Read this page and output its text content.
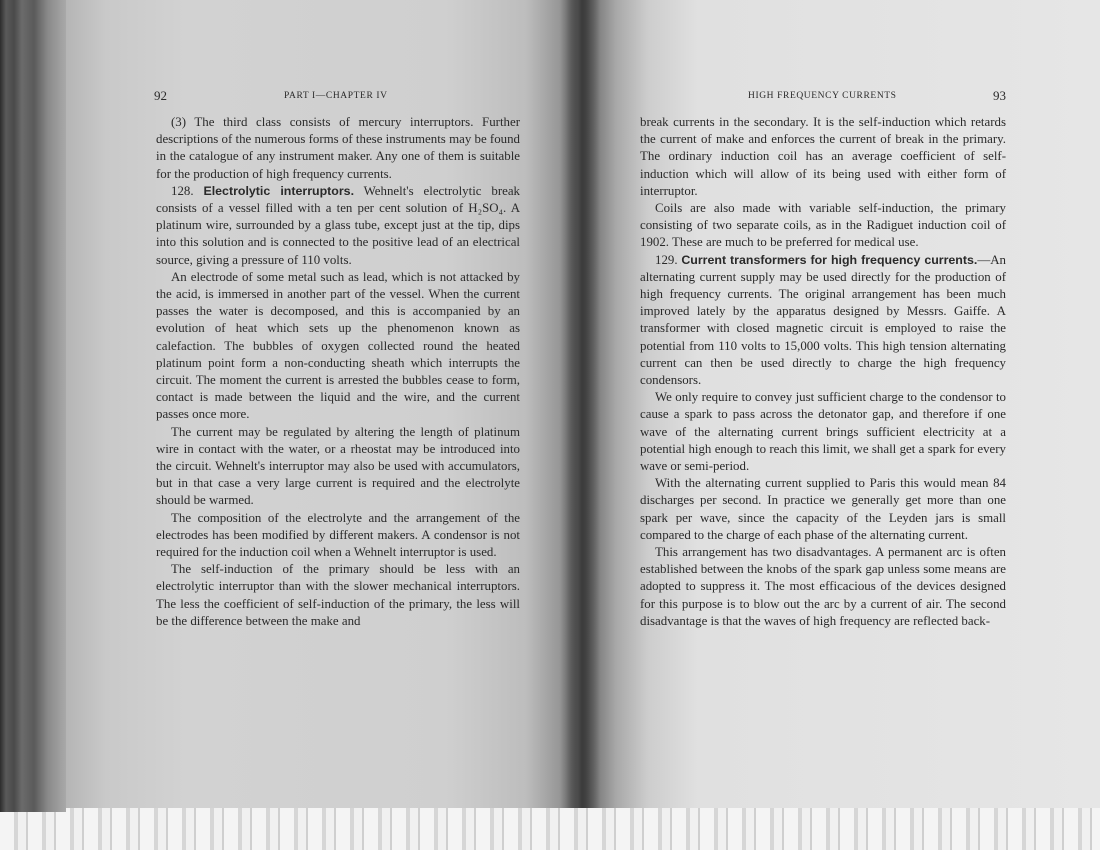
92	PART I—CHAPTER IV

(3) The third class consists of mercury interruptors. Further descriptions of the numerous forms of these instruments may be found in the catalogue of any instrument maker. Any one of them is suitable for the production of high frequency currents.

128. Electrolytic interruptors. Wehnelt's electrolytic break consists of a vessel filled with a ten per cent solution of H₂SO₄. A platinum wire, surrounded by a glass tube, except just at the tip, dips into this solution and is connected to the positive lead of an electrical source, giving a pressure of 110 volts.

An electrode of some metal such as lead, which is not attacked by the acid, is immersed in another part of the vessel. When the current passes the water is decomposed, and this is accompanied by an evolution of heat which sets up the phenomenon known as calefaction. The bubbles of oxygen collected round the heated platinum point form a non-conducting sheath which interrupts the circuit. The moment the current is arrested the bubbles cease to form, contact is made between the liquid and the wire, and the current passes once more.

The current may be regulated by altering the length of platinum wire in contact with the water, or a rheostat may be introduced into the circuit. Wehnelt's interruptor may also be used with accumulators, but in that case a very large current is required and the electrolyte should be warmed.

The composition of the electrolyte and the arrangement of the electrodes has been modified by different makers. A condensor is not required for the induction coil when a Wehnelt interruptor is used.

The self-induction of the primary should be less with an electrolytic interruptor than with the slower mechanical interruptors. The less the coefficient of self-induction of the primary, the less will be the difference between the make and

HIGH FREQUENCY CURRENTS	93

break currents in the secondary. It is the self-induction which retards the current of make and enforces the current of break in the primary. The ordinary induction coil has an average coefficient of self-induction which will allow of its being used with either form of interruptor.

Coils are also made with variable self-induction, the primary consisting of two separate coils, as in the Radiguet induction coil of 1902. These are much to be preferred for medical use.

129. Current transformers for high frequency currents.—An alternating current supply may be used directly for the production of high frequency currents. The original arrangement has been much improved lately by the apparatus designed by Messrs. Gaiffe. A transformer with closed magnetic circuit is employed to raise the potential from 110 volts to 15,000 volts. This high tension alternating current can then be used directly to charge the high frequency condensors.

We only require to convey just sufficient charge to the condensor to cause a spark to pass across the detonator gap, and therefore if one wave of the alternating current brings sufficient electricity at a potential high enough to reach this limit, we shall get a spark for every wave or semi-period.

With the alternating current supplied to Paris this would mean 84 discharges per second. In practice we generally get more than one spark per wave, since the capacity of the Leyden jars is small compared to the charge of each phase of the alternating current.

This arrangement has two disadvantages. A permanent arc is often established between the knobs of the spark gap unless some means are adopted to suppress it. The most efficacious of the devices designed for this purpose is to blow out the arc by a current of air. The second disadvantage is that the waves of high frequency are reflected back-
